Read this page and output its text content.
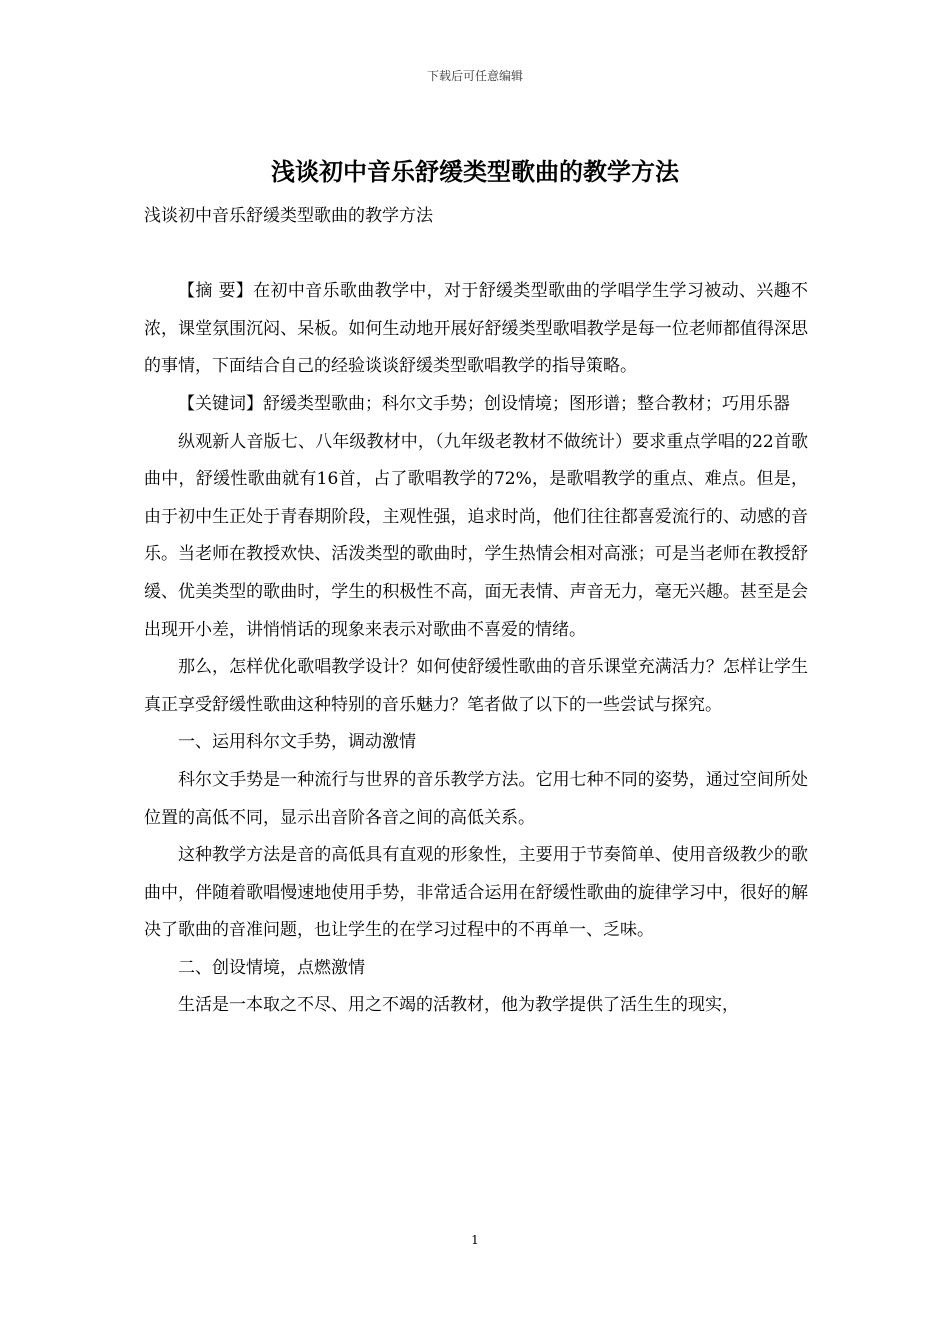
下载后可任意编辑
浅谈初中音乐舒缓类型歌曲的教学方法

浅谈初中音乐舒缓类型歌曲的教学方法

【摘 要】在初中音乐歌曲教学中，对于舒缓类型歌曲的学唱学生学习被动、兴趣不浓，课堂氛围沉闷、呆板。如何生动地开展好舒缓类型歌唱教学是每一位老师都值得深思的事情，下面结合自己的经验谈谈舒缓类型歌唱教学的指导策略。

【关键词】舒缓类型歌曲；科尔文手势；创设情境；图形谱；整合教材；巧用乐器

纵观新人音版七、八年级教材中，（九年级老教材不做统计）要求重点学唱的22首歌曲中，舒缓性歌曲就有16首，占了歌唱教学的72%，是歌唱教学的重点、难点。但是，由于初中生正处于青春期阶段，主观性强，追求时尚，他们往往都喜爱流行的、动感的音乐。当老师在教授欢快、活泼类型的歌曲时，学生热情会相对高涨；可是当老师在教授舒缓、优美类型的歌曲时，学生的积极性不高，面无表情、声音无力，毫无兴趣。甚至是会出现开小差，讲悄悄话的现象来表示对歌曲不喜爱的情绪。

那么，怎样优化歌唱教学设计？如何使舒缓性歌曲的音乐课堂充满活力？怎样让学生真正享受舒缓性歌曲这种特别的音乐魅力？笔者做了以下的一些尝试与探究。

一、运用科尔文手势，调动激情

科尔文手势是一种流行与世界的音乐教学方法。它用七种不同的姿势，通过空间所处位置的高低不同，显示出音阶各音之间的高低关系。

这种教学方法是音的高低具有直观的形象性，主要用于节奏简单、使用音级教少的歌曲中，伴随着歌唱慢速地使用手势，非常适合运用在舒缓性歌曲的旋律学习中，很好的解决了歌曲的音准问题，也让学生的在学习过程中的不再单一、乏味。

二、创设情境，点燃激情

生活是一本取之不尽、用之不竭的活教材，他为教学提供了活生生的现实，

1
